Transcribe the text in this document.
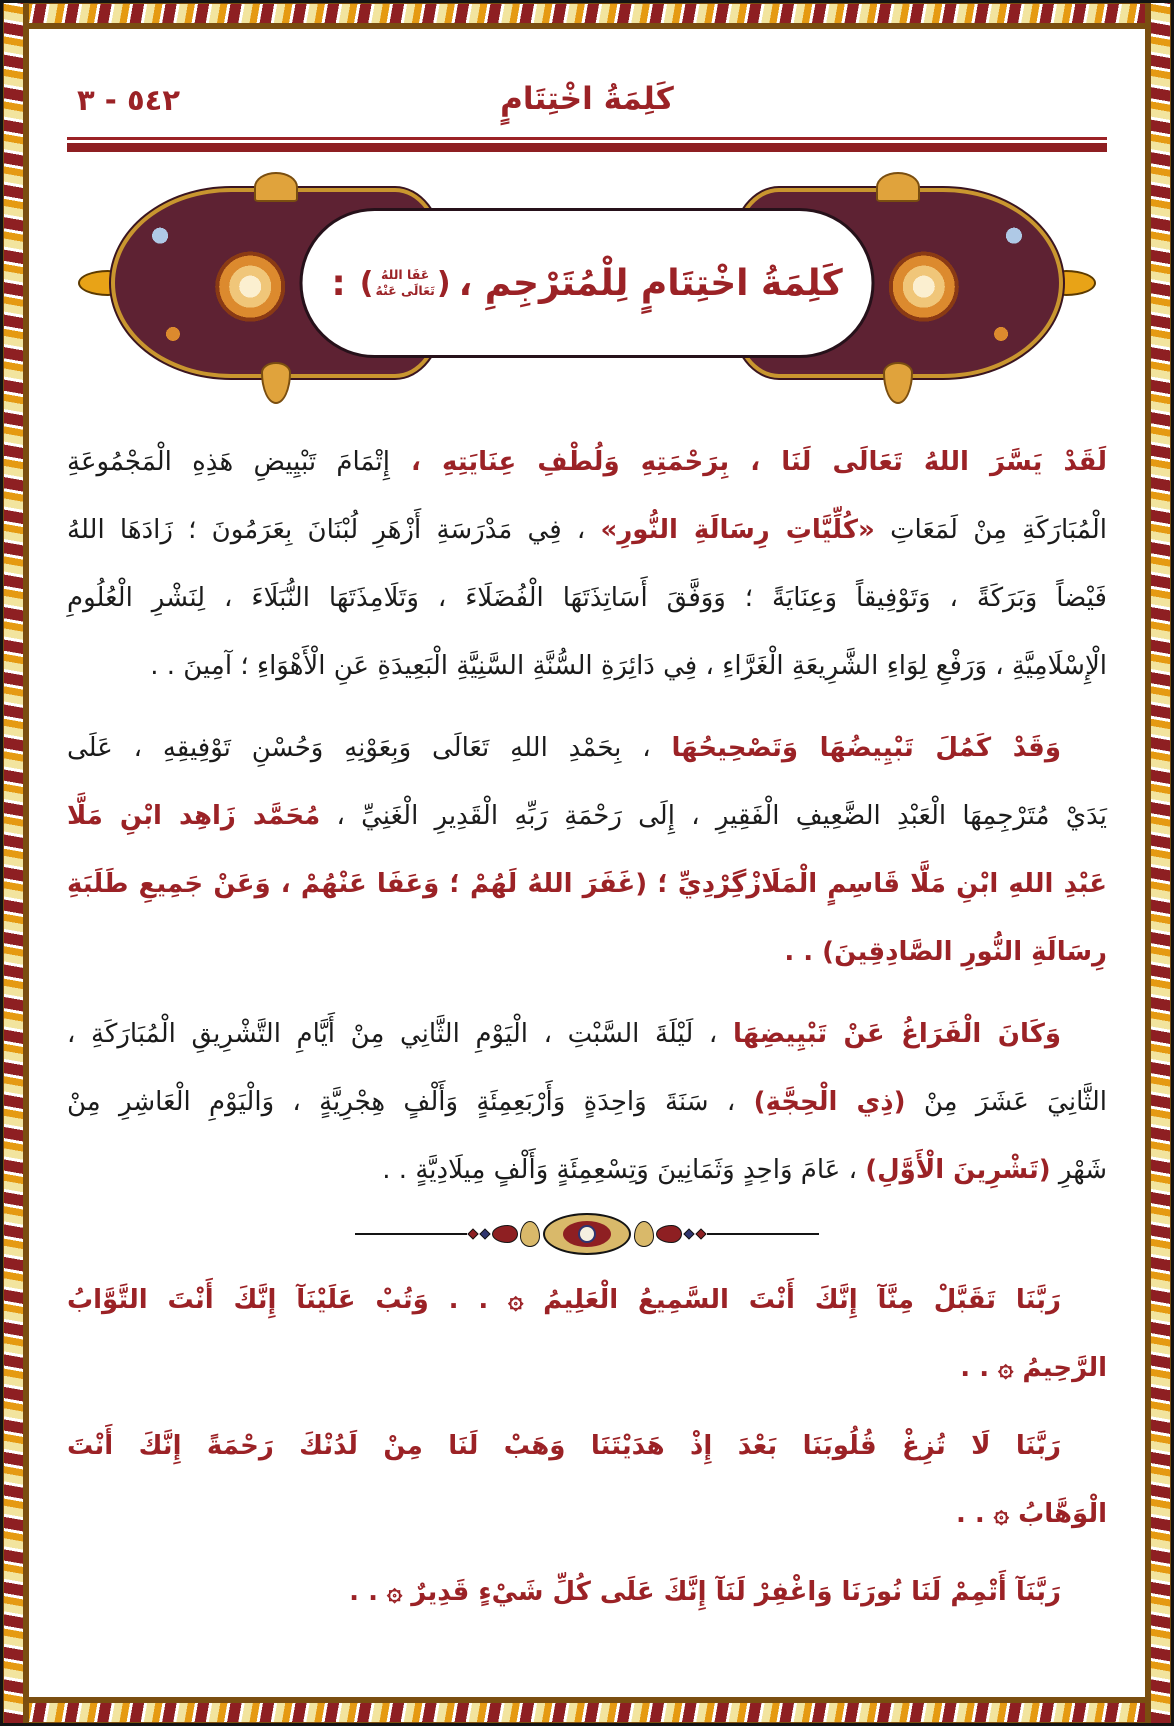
كَلِمَةُ اخْتِتَامٍ
٥٤٢ - ٣
كَلِمَةُ اخْتِتَامٍ لِلْمُتَرْجِمِ ،
(
عَفَا اللهُ
تَعَالَى عَنْهُ
)
:
لَقَدْ يَسَّرَ اللهُ تَعَالَى لَنَا ، بِرَحْمَتِهِ وَلُطْفِ عِنَايَتِهِ ، إِتْمَامَ تَبْيِيضِ هَذِهِ الْمَجْمُوعَةِ
الْمُبَارَكَةِ مِنْ لَمَعَاتِ «كُلِّيَّاتِ رِسَالَةِ النُّورِ» ، فِي مَدْرَسَةِ أَزْهَرِ لُبْنَانَ بِعَرَمُونَ ؛ زَادَهَا اللهُ
فَيْضاً وَبَرَكَةً ، وَتَوْفِيقاً وَعِنَايَةً ؛ وَوَفَّقَ أَسَاتِذَتَهَا الْفُضَلَاءَ ، وَتَلَامِذَتَهَا النُّبَلَاءَ ، لِنَشْرِ الْعُلُومِ
الْإِسْلَامِيَّةِ ، وَرَفْعِ لِوَاءِ الشَّرِيعَةِ الْغَرَّاءِ ، فِي دَائِرَةِ السُّنَّةِ السَّنِيَّةِ الْبَعِيدَةِ عَنِ الْأَهْوَاءِ ؛ آمِينَ . .
وَقَدْ كَمُلَ تَبْيِيضُهَا وَتَصْحِيحُهَا ، بِحَمْدِ اللهِ تَعَالَى وَبِعَوْنِهِ وَحُسْنِ تَوْفِيقِهِ ، عَلَى
يَدَيْ مُتَرْجِمِهَا الْعَبْدِ الضَّعِيفِ الْفَقِيرِ ، إِلَى رَحْمَةِ رَبِّهِ الْقَدِيرِ الْغَنِيِّ ، مُحَمَّد زَاهِد ابْنِ مَلَّا
عَبْدِ اللهِ ابْنِ مَلَّا قَاسِمٍ الْمَلَازْگِرْدِيِّ ؛ (غَفَرَ اللهُ لَهُمْ ؛ وَعَفَا عَنْهُمْ ، وَعَنْ جَمِيعِ طَلَبَةِ
رِسَالَةِ النُّورِ الصَّادِقِينَ) . .
وَكَانَ الْفَرَاغُ عَنْ تَبْيِيضِهَا ، لَيْلَةَ السَّبْتِ ، الْيَوْمِ الثَّانِي مِنْ أَيَّامِ التَّشْرِيقِ الْمُبَارَكَةِ ،
الثَّانِيَ عَشَرَ مِنْ (ذِي الْحِجَّةِ) ، سَنَةَ وَاحِدَةٍ وَأَرْبَعِمِئَةٍ وَأَلْفٍ هِجْرِيَّةٍ ، وَالْيَوْمِ الْعَاشِرِ مِنْ
شَهْرِ (تَشْرِينَ الْأَوَّلِ) ، عَامَ وَاحِدٍ وَثَمَانِينَ وَتِسْعِمِئَةٍ وَأَلْفٍ مِيلَادِيَّةٍ . .
رَبَّنَا تَقَبَّلْ مِنَّآ إِنَّكَ أَنْتَ السَّمِيعُ الْعَلِيمُ ۞ . . وَتُبْ عَلَيْنَآ إِنَّكَ أَنْتَ التَّوَّابُ
الرَّحِيمُ ۞ . .
رَبَّنَا لَا تُزِغْ قُلُوبَنَا بَعْدَ إِذْ هَدَيْتَنَا وَهَبْ لَنَا مِنْ لَدُنْكَ رَحْمَةً إِنَّكَ أَنْتَ
الْوَهَّابُ ۞ . .
رَبَّنَآ أَتْمِمْ لَنَا نُورَنَا وَاغْفِرْ لَنَآ إِنَّكَ عَلَى كُلِّ شَيْءٍ قَدِيرٌ ۞ . .
